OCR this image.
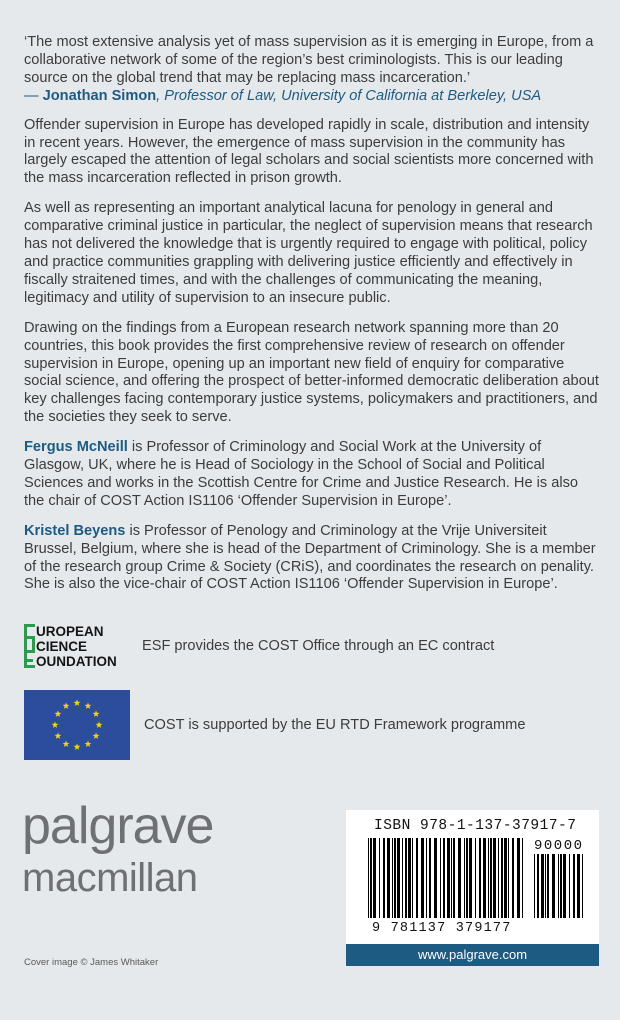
‘The most extensive analysis yet of mass supervision as it is emerging in Europe, from a collaborative network of some of the region’s best criminologists. This is our leading source on the global trend that may be replacing mass incarceration.’
— Jonathan Simon, Professor of Law, University of California at Berkeley, USA

Offender supervision in Europe has developed rapidly in scale, distribution and intensity in recent years. However, the emergence of mass supervision in the community has largely escaped the attention of legal scholars and social scientists more concerned with the mass incarceration reflected in prison growth.

As well as representing an important analytical lacuna for penology in general and comparative criminal justice in particular, the neglect of supervision means that research has not delivered the knowledge that is urgently required to engage with political, policy and practice communities grappling with delivering justice efficiently and effectively in fiscally straitened times, and with the challenges of communicating the meaning, legitimacy and utility of supervision to an insecure public.

Drawing on the findings from a European research network spanning more than 20 countries, this book provides the first comprehensive review of research on offender supervision in Europe, opening up an important new field of enquiry for comparative social science, and offering the prospect of better-informed democratic deliberation about key challenges facing contemporary justice systems, policymakers and practitioners, and the societies they seek to serve.

Fergus McNeill is Professor of Criminology and Social Work at the University of Glasgow, UK, where he is Head of Sociology in the School of Social and Political Sciences and works in the Scottish Centre for Crime and Justice Research. He is also the chair of COST Action IS1106 ‘Offender Supervision in Europe’.

Kristel Beyens is Professor of Penology and Criminology at the Vrije Universiteit Brussel, Belgium, where she is head of the Department of Criminology. She is a member of the research group Crime & Society (CRiS), and coordinates the research on penality. She is also the vice-chair of COST Action IS1106 ‘Offender Supervision in Europe’.

UROPEAN
CIENCE
OUNDATION
ESF provides the COST Office through an EC contract
COST is supported by the EU RTD Framework programme
palgrave
macmillan
ISBN 978-1-137-37917-7
90000
9 781137 379177
www.palgrave.com
Cover image © James Whitaker
